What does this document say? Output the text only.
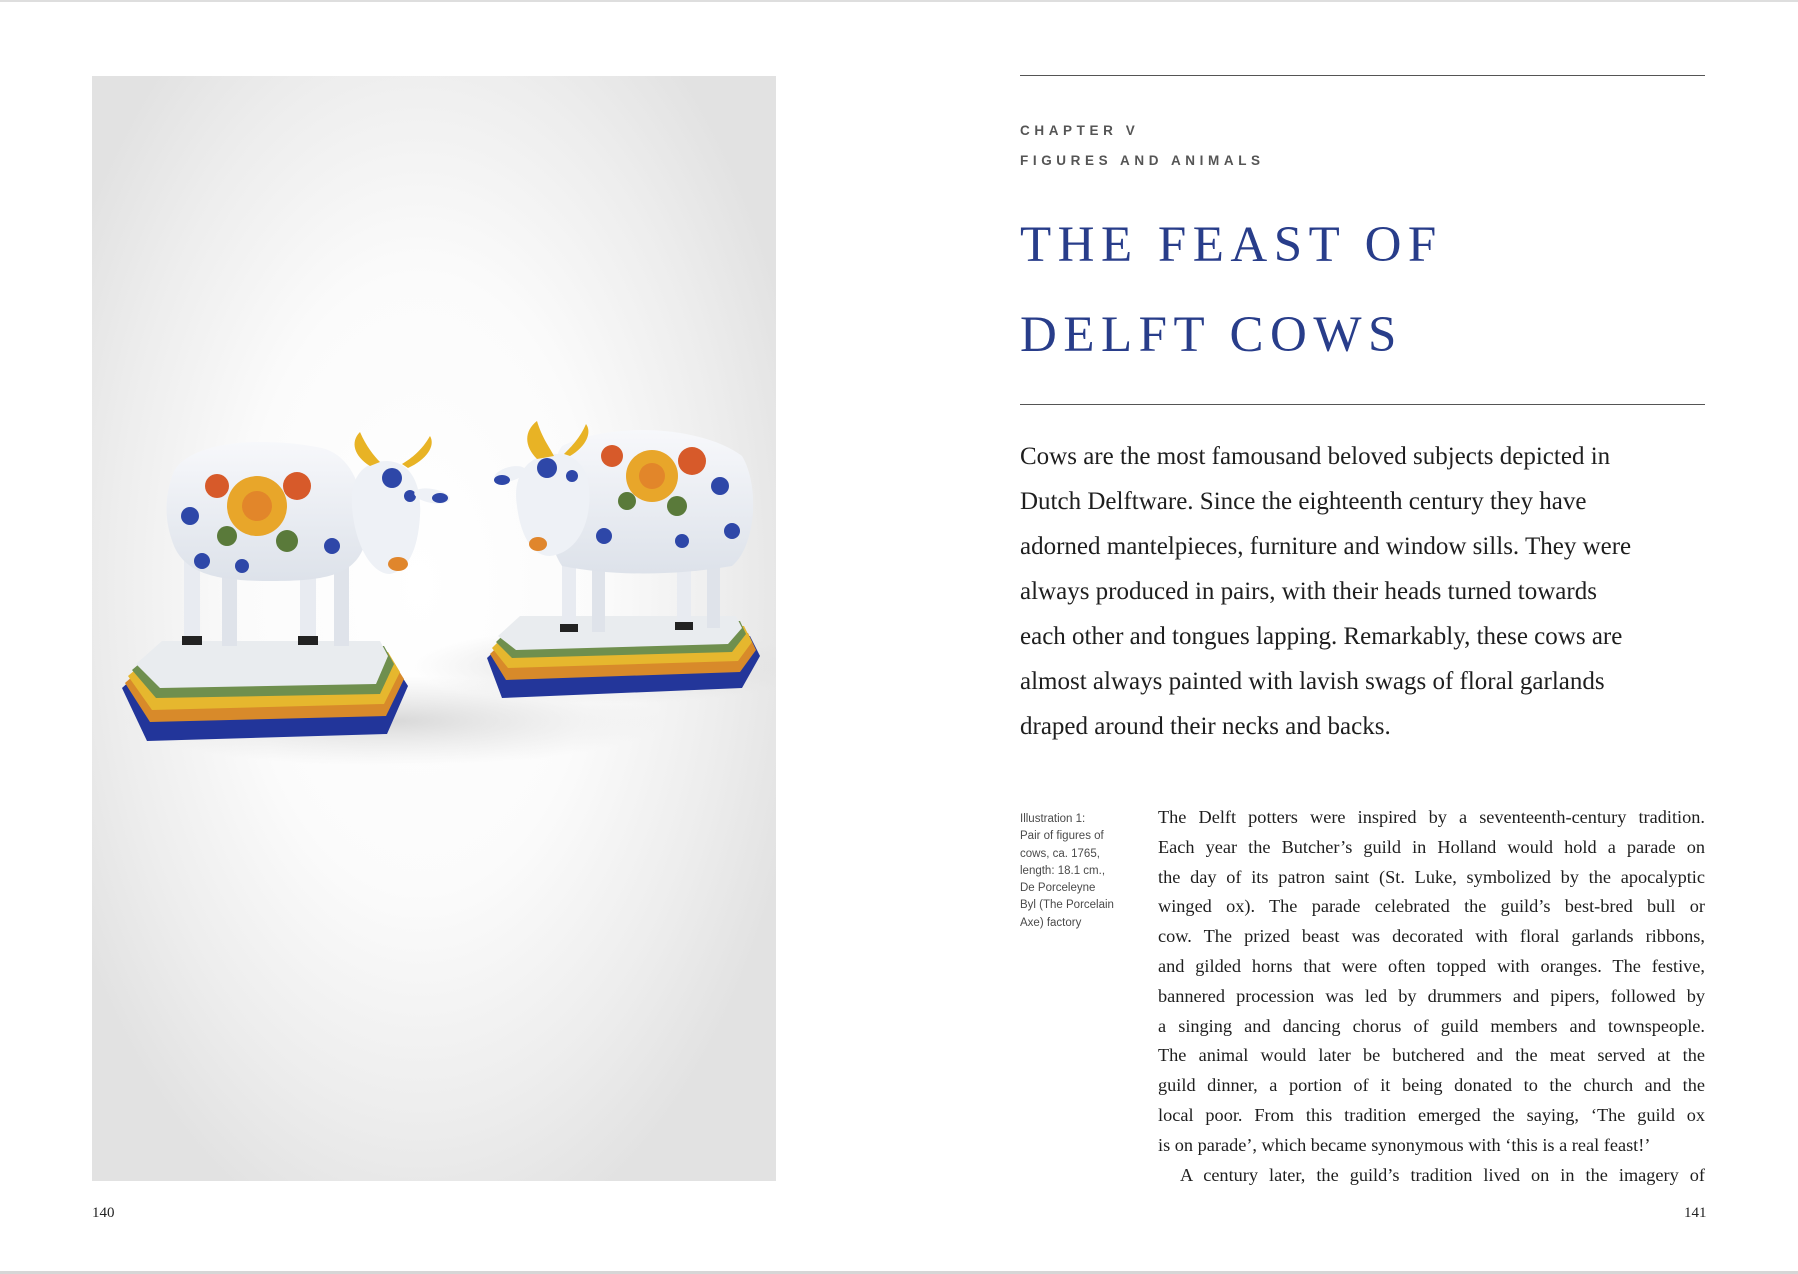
140
CHAPTER V
FIGURES AND ANIMALS
THE FEAST OF
DELFT COWS
Cows are the most famousand beloved subjects depicted in
Dutch Delftware. Since the eighteenth century they have
adorned mantelpieces, furniture and window sills. They were
always produced in pairs, with their heads turned towards
each other and tongues lapping. Remarkably, these cows are
almost always painted with lavish swags of floral garlands
draped around their necks and backs.
Illustration 1:
Pair of figures of
cows, ca. 1765,
length: 18.1 cm.,
De Porceleyne
Byl (The Porcelain
Axe) factory
The Delft potters were inspired by a seventeenth-century tradition.
Each year the Butcher’s guild in Holland would hold a parade on
the day of its patron saint (St. Luke, symbolized by the apocalyptic
winged ox). The parade celebrated the guild’s best-bred bull or
cow. The prized beast was decorated with floral garlands ribbons,
and gilded horns that were often topped with oranges. The festive,
bannered procession was led by drummers and pipers, followed by
a singing and dancing chorus of guild members and townspeople.
The animal would later be butchered and the meat served at the
guild dinner, a portion of it being donated to the church and the
local poor. From this tradition emerged the saying, ‘The guild ox
is on parade’, which became synonymous with ‘this is a real feast!’
A century later, the guild’s tradition lived on in the imagery of
141
